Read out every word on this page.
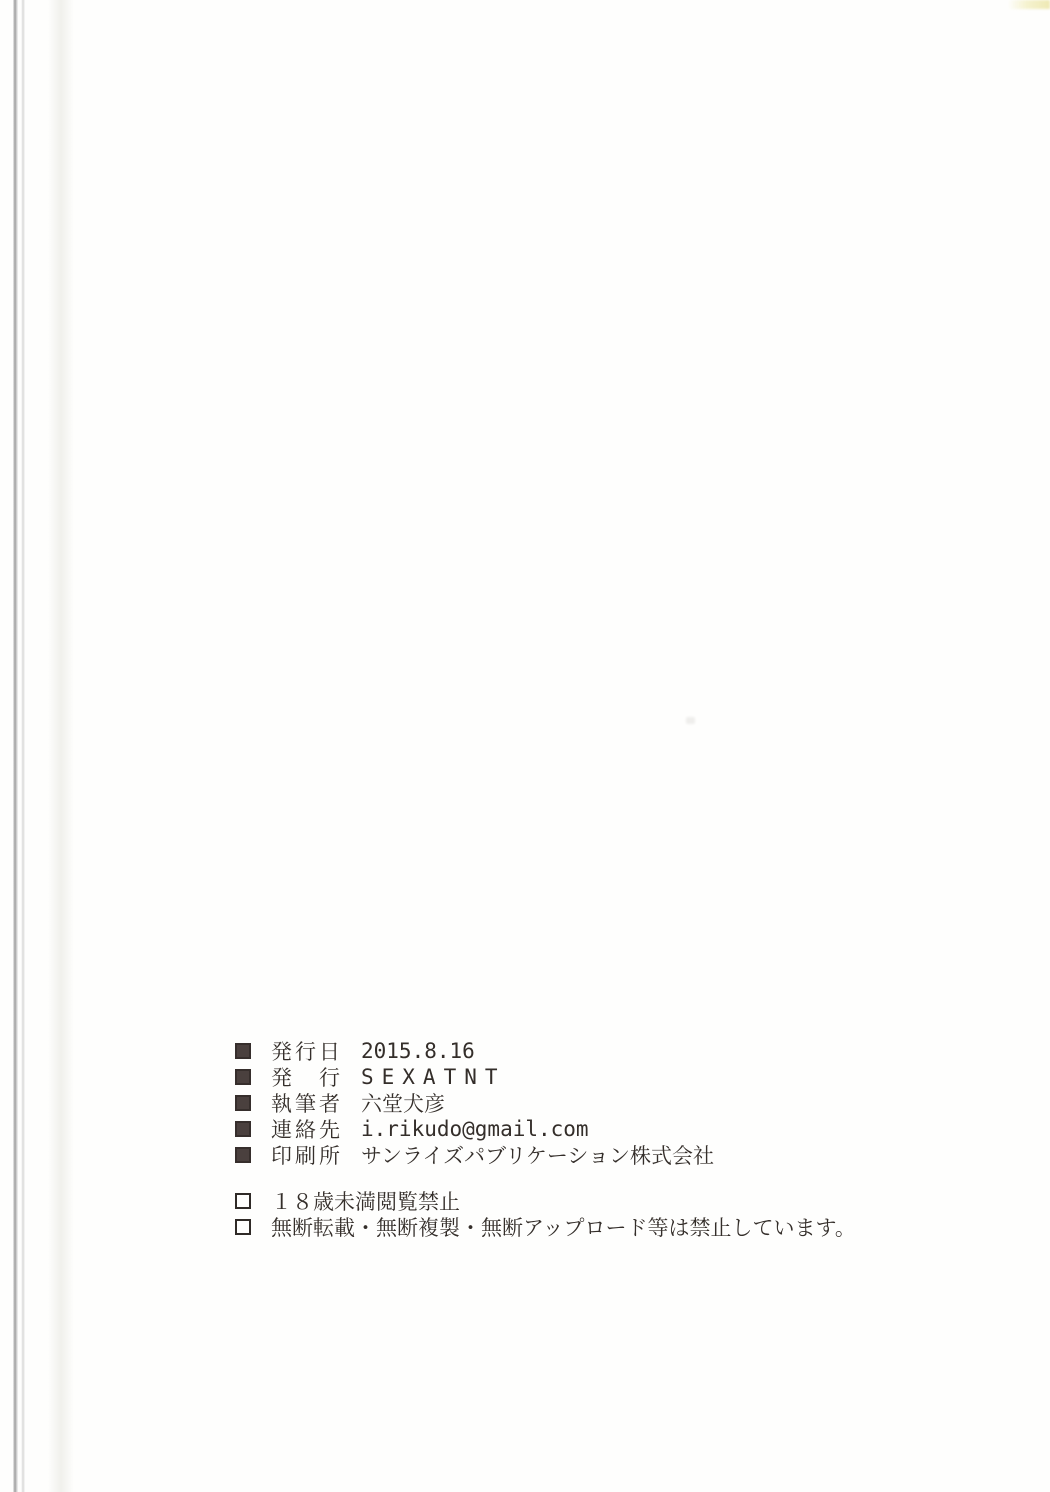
発行日 2015.8.16
発　行 SEXATNT
執筆者 六堂犬彦
連絡先 i.rikudo@gmail.com
印刷所 サンライズパブリケーション株式会社
１８歳未満閲覧禁止
無断転載・無断複製・無断アップロード等は禁止しています。
